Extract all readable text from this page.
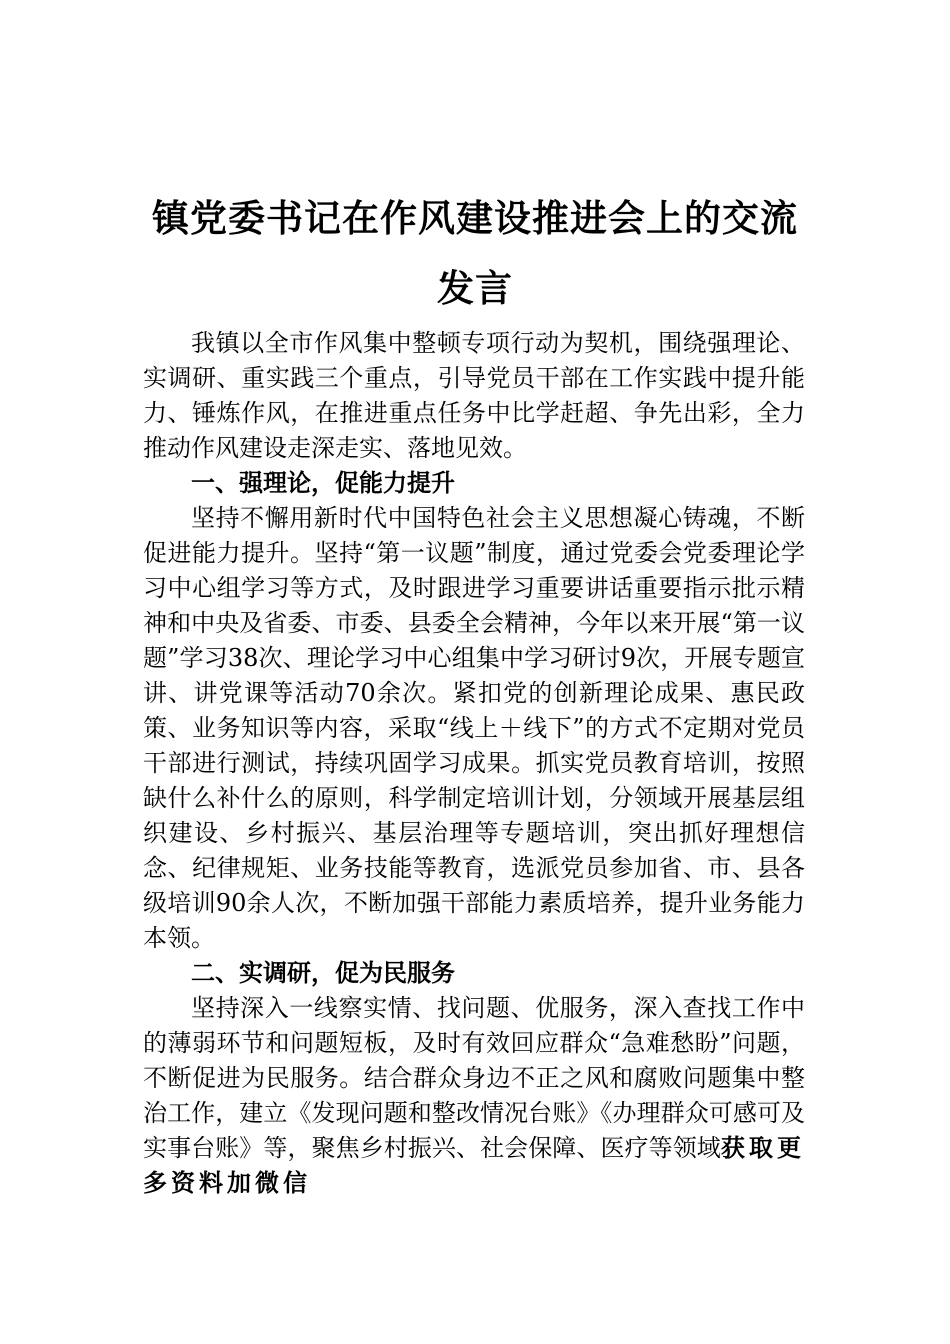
镇党委书记在作风建设推进会上的交流发言

我镇以全市作风集中整顿专项行动为契机，围绕强理论、实调研、重实践三个重点，引导党员干部在工作实践中提升能力、锤炼作风，在推进重点任务中比学赶超、争先出彩，全力推动作风建设走深走实、落地见效。

一、强理论，促能力提升

坚持不懈用新时代中国特色社会主义思想凝心铸魂，不断促进能力提升。坚持“第一议题”制度，通过党委会党委理论学习中心组学习等方式，及时跟进学习重要讲话重要指示批示精神和中央及省委、市委、县委全会精神，今年以来开展“第一议题”学习38次、理论学习中心组集中学习研讨9次，开展专题宣讲、讲党课等活动70余次。紧扣党的创新理论成果、惠民政策、业务知识等内容，采取“线上＋线下”的方式不定期对党员干部进行测试，持续巩固学习成果。抓实党员教育培训，按照缺什么补什么的原则，科学制定培训计划，分领域开展基层组织建设、乡村振兴、基层治理等专题培训，突出抓好理想信念、纪律规矩、业务技能等教育，选派党员参加省、市、县各级培训90余人次，不断加强干部能力素质培养，提升业务能力本领。

二、实调研，促为民服务

坚持深入一线察实情、找问题、优服务，深入查找工作中的薄弱环节和问题短板，及时有效回应群众“急难愁盼”问题，不断促进为民服务。结合群众身边不正之风和腐败问题集中整治工作，建立《发现问题和整改情况台账》《办理群众可感可及实事台账》等，聚焦乡村振兴、社会保障、医疗等领域获取更多资料加微信
